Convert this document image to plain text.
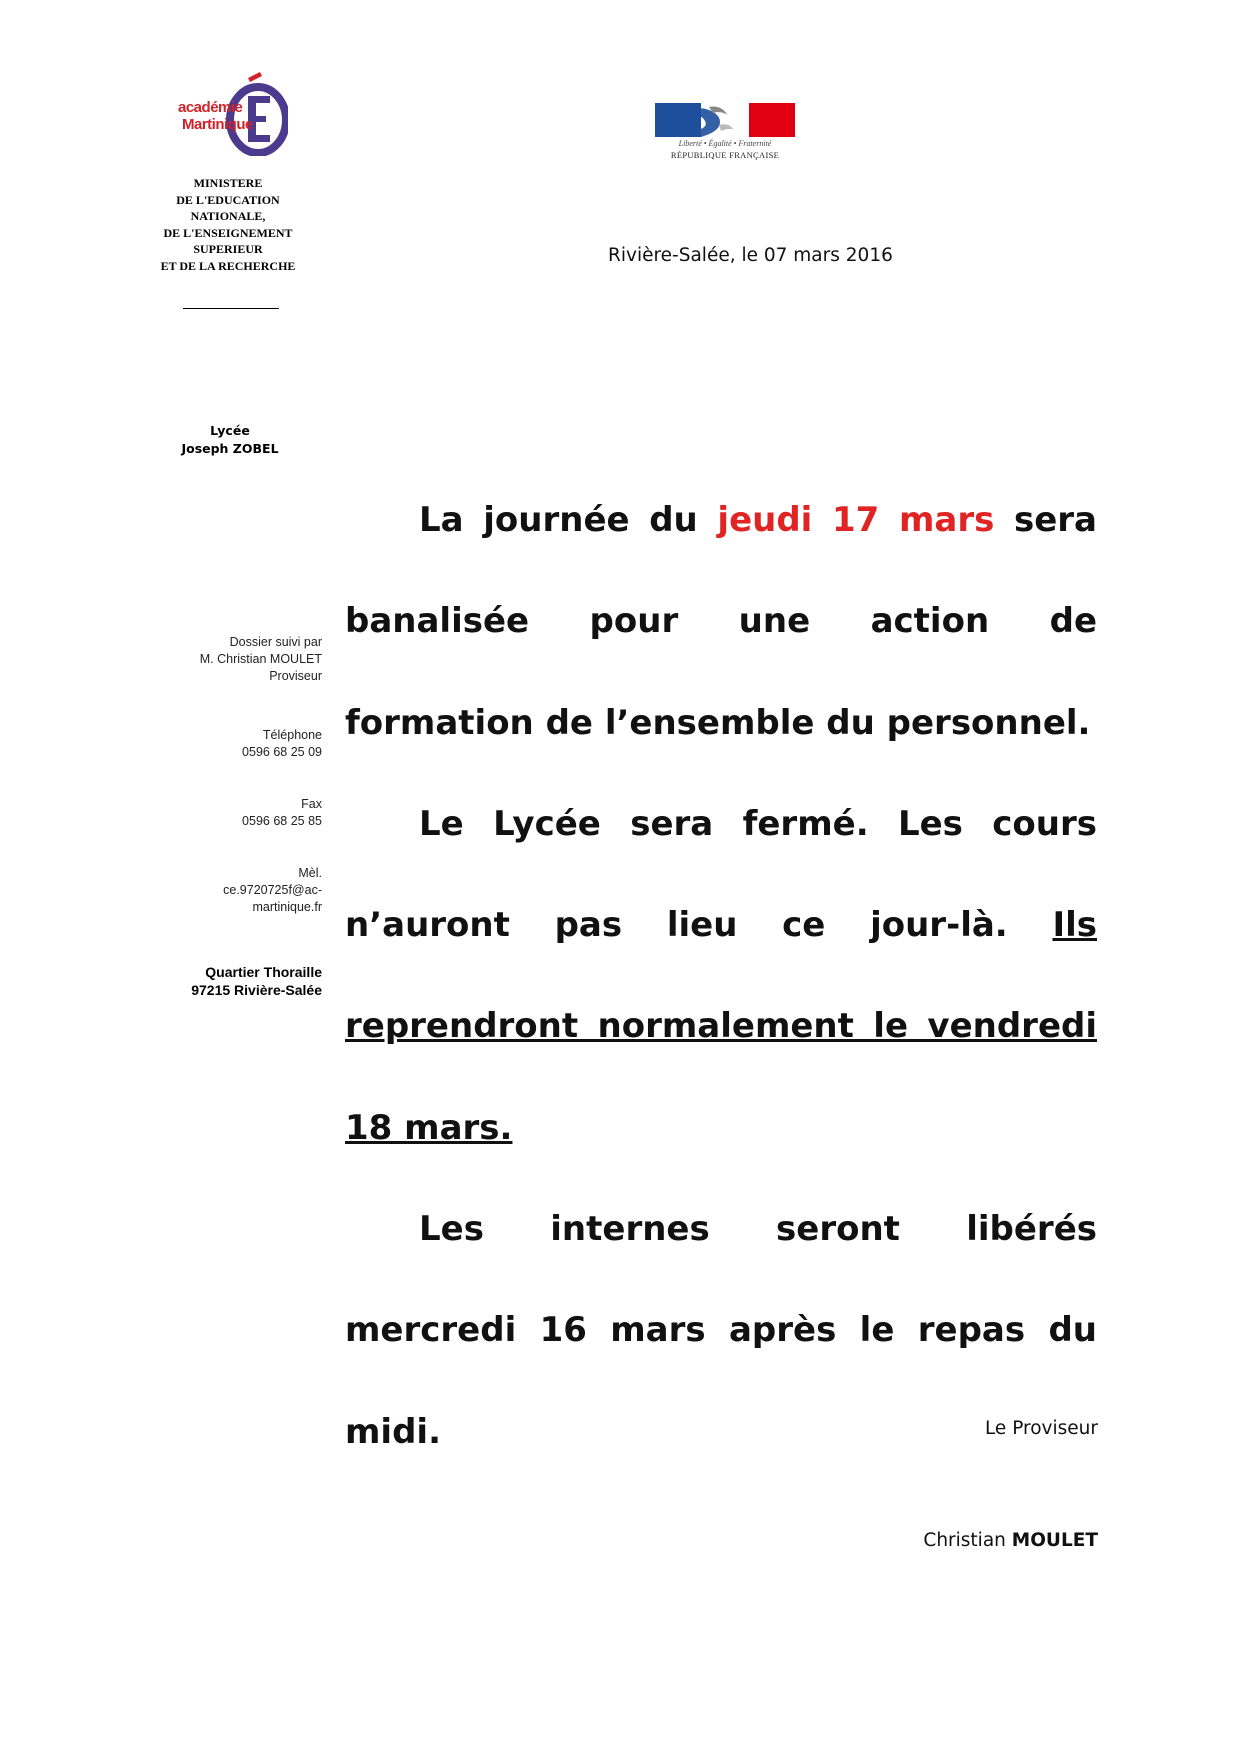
académie
Martinique
MINISTERE
DE L'EDUCATION
NATIONALE,
DE L'ENSEIGNEMENT
SUPERIEUR
ET DE LA RECHERCHE
Liberté • Égalité • Fraternité
RÉPUBLIQUE FRANÇAISE
Rivière-Salée, le 07 mars 2016
Lycée
Joseph ZOBEL
Dossier suivi par
M. Christian MOULET
Proviseur
Téléphone
0596 68 25 09
Fax
0596 68 25 85
Mèl.
ce.9720725f@ac-
martinique.fr
Quartier Thoraille
97215 Rivière-Salée

La journée du jeudi 17 mars sera banalisée pour une action de formation de l’ensemble du personnel.

Le Lycée sera fermé. Les cours n’auront pas lieu ce jour-là. Ils reprendront normalement le vendredi 18 mars.

Les internes seront libérés mercredi 16 mars après le repas du midi.	Le Proviseur
Christian MOULET
